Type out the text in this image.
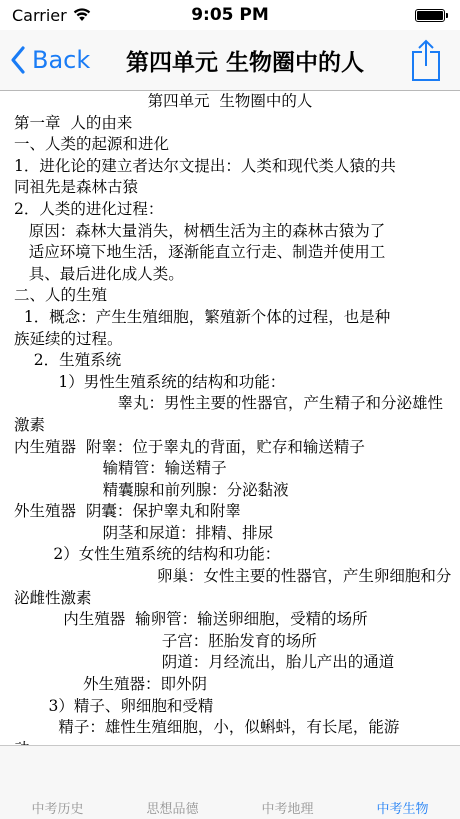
Carrier	9:05 PM
Back	第四单元 生物圈中的人
第四单元  生物圈中的人
第一章  人的由来
一、人类的起源和进化
1．进化论的建立者达尔文提出：人类和现代类人猿的共
同祖先是森林古猿
2．人类的进化过程：
原因：森林大量消失，树栖生活为主的森林古猿为了
适应环境下地生活，逐渐能直立行走、制造并使用工
具、最后进化成人类。
二、人的生殖
1．概念：产生生殖细胞，繁殖新个体的过程，也是种
族延续的过程。
2．生殖系统
1）男性生殖系统的结构和功能：
睾丸：男性主要的性器官，产生精子和分泌雄性
激素
内生殖器  附睾：位于睾丸的背面，贮存和输送精子
输精管：输送精子
精囊腺和前列腺：分泌黏液
外生殖器  阴囊：保护睾丸和附睾
阴茎和尿道：排精、排尿
2）女性生殖系统的结构和功能：
卵巢：女性主要的性器官，产生卵细胞和分
泌雌性激素
内生殖器  输卵管：输送卵细胞，受精的场所
子宫：胚胎发育的场所
阴道：月经流出，胎儿产出的通道
外生殖器：即外阴
3）精子、卵细胞和受精
精子：雄性生殖细胞，小，似蝌蚪，有长尾，能游
中考历史	思想品德	中考地理	中考生物
